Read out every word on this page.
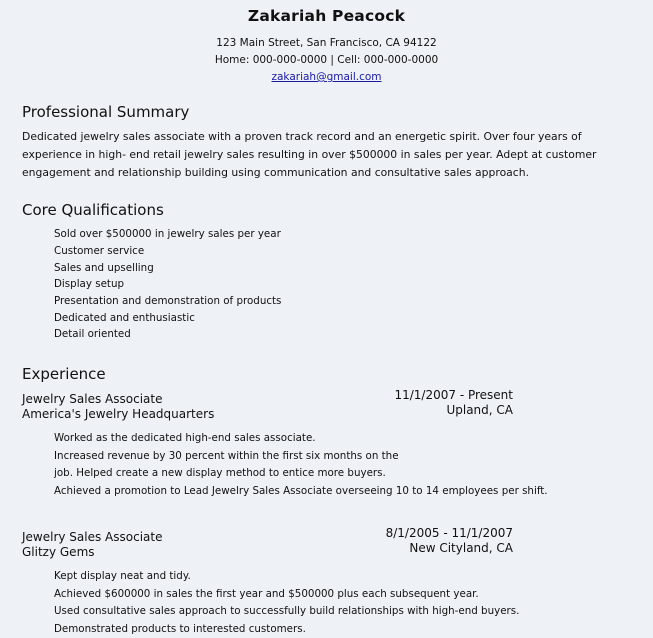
Zakariah Peacock
123 Main Street, San Francisco, CA 94122
Home: 000-000-0000 | Cell: 000-000-0000
zakariah@gmail.com
Professional Summary
Dedicated jewelry sales associate with a proven track record and an energetic spirit. Over four years of experience in high- end retail jewelry sales resulting in over $500000 in sales per year. Adept at customer engagement and relationship building using communication and consultative sales approach.
Core Qualifications
Sold over $500000 in jewelry sales per year
Customer service
Sales and upselling
Display setup
Presentation and demonstration of products
Dedicated and enthusiastic
Detail oriented
Experience
Jewelry Sales Associate	11/1/2007 - Present
America's Jewelry Headquarters	Upland, CA
Worked as the dedicated high-end sales associate.
Increased revenue by 30 percent within the first six months on the
job. Helped create a new display method to entice more buyers.
Achieved a promotion to Lead Jewelry Sales Associate overseeing 10 to 14 employees per shift.
Jewelry Sales Associate	8/1/2005 - 11/1/2007
Glitzy Gems	New Cityland, CA
Kept display neat and tidy.
Achieved $600000 in sales the first year and $500000 plus each subsequent year.
Used consultative sales approach to successfully build relationships with high-end buyers.
Demonstrated products to interested customers.
